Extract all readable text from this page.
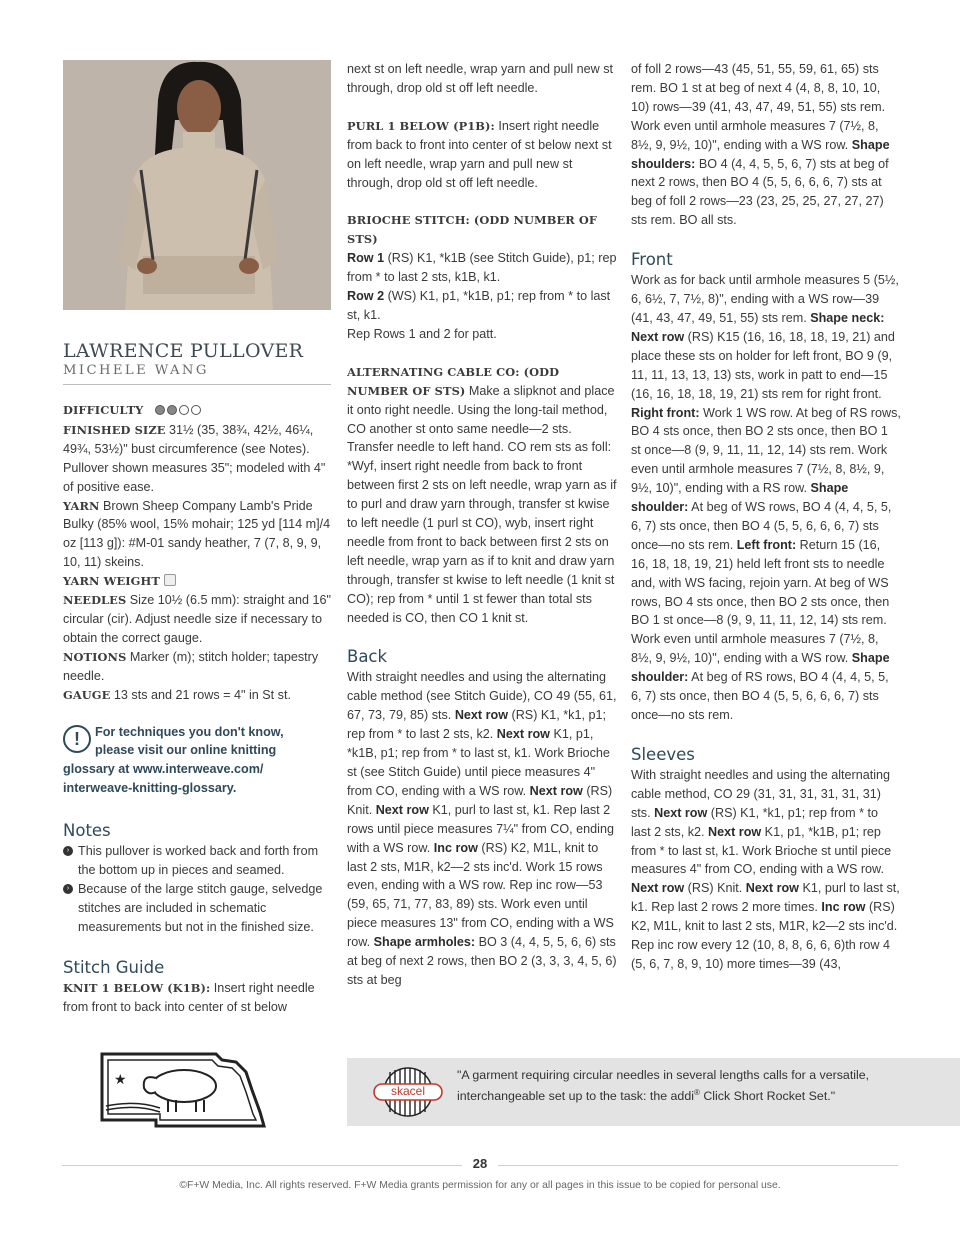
LAWRENCE PULLOVER
MICHELE WANG

DIFFICULTY

FINISHED SIZE 31½ (35, 38¾, 42½, 46¼, 49¾, 53½)" bust circumference (see Notes). Pullover shown measures 35"; modeled with 4" of positive ease.

YARN Brown Sheep Company Lamb's Pride Bulky (85% wool, 15% mohair; 125 yd [114 m]/4 oz [113 g]): #M-01 sandy heather, 7 (7, 8, 9, 9, 10, 11) skeins.

YARN WEIGHT

NEEDLES Size 10½ (6.5 mm): straight and 16" circular (cir). Adjust needle size if necessary to obtain the correct gauge.

NOTIONS Marker (m); stitch holder; tapestry needle.

GAUGE 13 sts and 21 rows = 4" in St st.

!	For techniques you don't know,
please visit our online knitting
glossary at www.interweave.com/
interweave-knitting-glossary.
Notes
› This pullover is worked back and forth from the bottom up in pieces and seamed.
› Because of the large stitch gauge, selvedge stitches are included in schematic measurements but not in the finished size.
Stitch Guide

KNIT 1 BELOW (K1B): Insert right needle from front to back into center of st below

next st on left needle, wrap yarn and pull new st through, drop old st off left needle.

PURL 1 BELOW (P1B): Insert right needle from back to front into center of st below next st on left needle, wrap yarn and pull new st through, drop old st off left needle.

BRIOCHE STITCH: (ODD NUMBER OF STS)

Row 1 (RS) K1, *k1B (see Stitch Guide), p1; rep from * to last 2 sts, k1B, k1.

Row 2 (WS) K1, p1, *k1B, p1; rep from * to last st, k1.

Rep Rows 1 and 2 for patt.

ALTERNATING CABLE CO: (ODD NUMBER OF STS) Make a slipknot and place it onto right needle. Using the long-tail method, CO another st onto same needle—2 sts. Transfer needle to left hand. CO rem sts as foll: *Wyf, insert right needle from back to front between first 2 sts on left needle, wrap yarn as if to purl and draw yarn through, transfer st kwise to left needle (1 purl st CO), wyb, insert right needle from front to back between first 2 sts on left needle, wrap yarn as if to knit and draw yarn through, transfer st kwise to left needle (1 knit st CO); rep from * until 1 st fewer than total sts needed is CO, then CO 1 knit st.

Back

With straight needles and using the alternating cable method (see Stitch Guide), CO 49 (55, 61, 67, 73, 79, 85) sts. Next row (RS) K1, *k1, p1; rep from * to last 2 sts, k2. Next row K1, p1, *k1B, p1; rep from * to last st, k1. Work Brioche st (see Stitch Guide) until piece measures 4" from CO, ending with a WS row. Next row (RS) Knit. Next row K1, purl to last st, k1. Rep last 2 rows until piece measures 7¼" from CO, ending with a WS row. Inc row (RS) K2, M1L, knit to last 2 sts, M1R, k2—2 sts inc'd. Work 15 rows even, ending with a WS row. Rep inc row—53 (59, 65, 71, 77, 83, 89) sts. Work even until piece measures 13" from CO, ending with a WS row. Shape armholes: BO 3 (4, 4, 5, 5, 6, 6) sts at beg of next 2 rows, then BO 2 (3, 3, 3, 4, 5, 6) sts at beg

of foll 2 rows—43 (45, 51, 55, 59, 61, 65) sts rem. BO 1 st at beg of next 4 (4, 8, 8, 10, 10, 10) rows—39 (41, 43, 47, 49, 51, 55) sts rem. Work even until armhole measures 7 (7½, 8, 8½, 9, 9½, 10)", ending with a WS row. Shape shoulders: BO 4 (4, 4, 5, 5, 6, 7) sts at beg of next 2 rows, then BO 4 (5, 5, 6, 6, 6, 7) sts at beg of foll 2 rows—23 (23, 25, 25, 27, 27, 27) sts rem. BO all sts.

Front

Work as for back until armhole measures 5 (5½, 6, 6½, 7, 7½, 8)", ending with a WS row—39 (41, 43, 47, 49, 51, 55) sts rem. Shape neck: Next row (RS) K15 (16, 16, 18, 18, 19, 21) and place these sts on holder for left front, BO 9 (9, 11, 11, 13, 13, 13) sts, work in patt to end—15 (16, 16, 18, 18, 19, 21) sts rem for right front. Right front: Work 1 WS row. At beg of RS rows, BO 4 sts once, then BO 2 sts once, then BO 1 st once—8 (9, 9, 11, 11, 12, 14) sts rem. Work even until armhole measures 7 (7½, 8, 8½, 9, 9½, 10)", ending with a RS row. Shape shoulder: At beg of WS rows, BO 4 (4, 4, 5, 5, 6, 7) sts once, then BO 4 (5, 5, 6, 6, 6, 7) sts once—no sts rem. Left front: Return 15 (16, 16, 18, 18, 19, 21) held left front sts to needle and, with WS facing, rejoin yarn. At beg of WS rows, BO 4 sts once, then BO 2 sts once, then BO 1 st once—8 (9, 9, 11, 11, 12, 14) sts rem. Work even until armhole measures 7 (7½, 8, 8½, 9, 9½, 10)", ending with a WS row. Shape shoulder: At beg of RS rows, BO 4 (4, 4, 5, 5, 6, 7) sts once, then BO 4 (5, 5, 6, 6, 6, 7) sts once—no sts rem.

Sleeves

With straight needles and using the alternating cable method, CO 29 (31, 31, 31, 31, 31, 31) sts. Next row (RS) K1, *k1, p1; rep from * to last 2 sts, k2. Next row K1, p1, *k1B, p1; rep from * to last st, k1. Work Brioche st until piece measures 4" from CO, ending with a WS row. Next row (RS) Knit. Next row K1, purl to last st, k1. Rep last 2 rows 2 more times. Inc row (RS) K2, M1L, knit to last 2 sts, M1R, k2—2 sts inc'd. Rep inc row every 12 (10, 8, 8, 6, 6, 6)th row 4 (5, 6, 7, 8, 9, 10) more times—39 (43,

★
skacel
"A garment requiring circular needles in several lengths calls for a versatile, interchangeable set up to the task: the addi® Click Short Rocket Set."
28
©F+W Media, Inc. All rights reserved. F+W Media grants permission for any or all pages in this issue to be copied for personal use.
